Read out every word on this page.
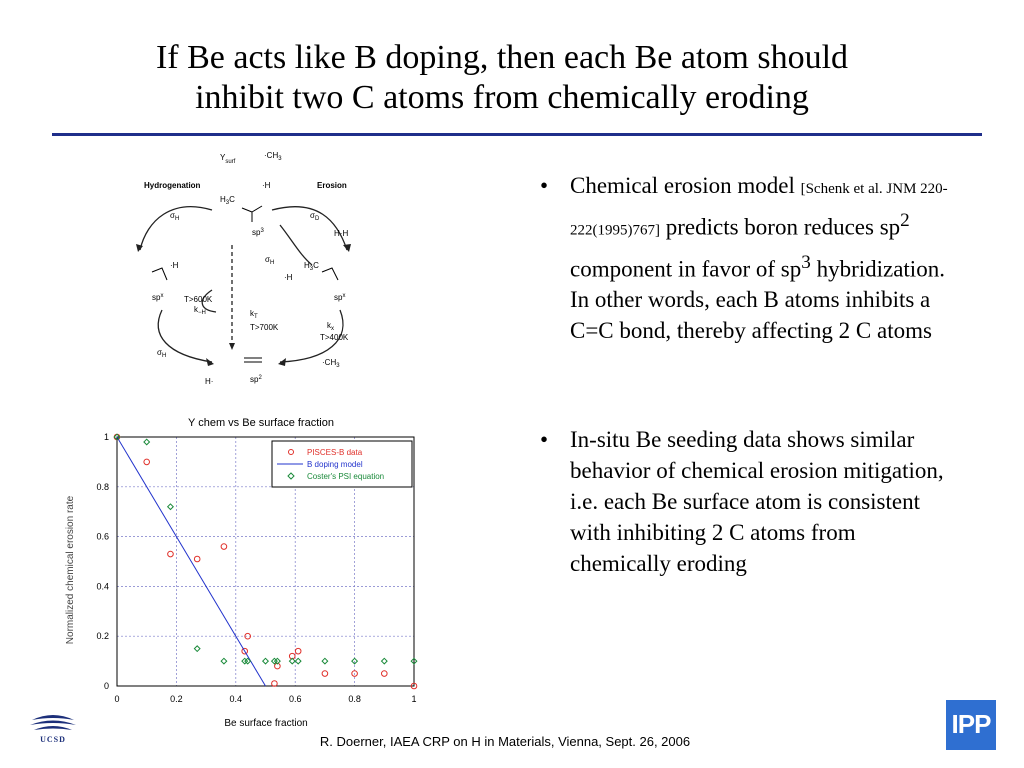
If Be acts like B doping, then each Be atom should
inhibit two C atoms from chemically eroding
Hydrogenation	Erosion
$Y_{surf}$
$\cdot CH_3$
·H
$H_3C$
$sp^3$
$\sigma_H$	$\sigma_D$
H·H
·H
$sp^x$
$\sigma_H$
·H
$H_3C$
$sp^x$
T>600K
$k_{-H}$	$k_T$
T>700K	$k_x$
T>400K
$\sigma_H$
$\cdot CH_3$
H·	$sp^2$
• Chemical erosion model [Schenk et al. JNM 220-222(1995)767] predicts boron reduces $sp^2$ component in favor of $sp^3$ hybridization. In other words, each B atoms inhibits a C=C bond, thereby affecting 2 C atoms
• In-situ Be seeding data shows similar behavior of chemical erosion mitigation, i.e. each Be surface atom is consistent with inhibiting 2 C atoms from chemically eroding
Y chem vs Be surface fraction
Normalized chemical erosion rate
Be surface fraction
0	0.2	0.4	0.6	0.8	1
0
0.2
0.4
0.6
0.8
1
PISCES-B data
B doping model
Coster's PSI equation
UCSD	R. Doerner, IAEA CRP on H in Materials, Vienna, Sept. 26, 2006
IPP
